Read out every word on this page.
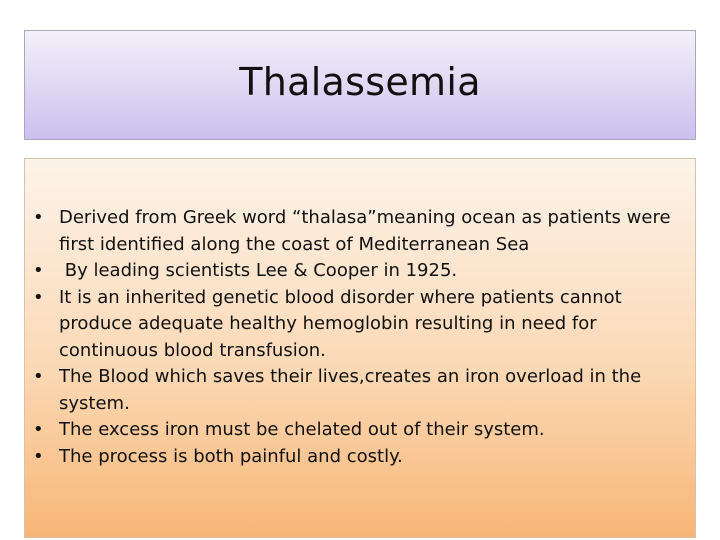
Thalassemia
• Derived from Greek word “thalasa”meaning ocean as patients were first identified along the coast of Mediterranean Sea
• By leading scientists Lee & Cooper in 1925.
• It is an inherited genetic blood disorder where patients cannot produce adequate healthy hemoglobin resulting in need for continuous blood transfusion.
• The Blood which saves their lives,creates an iron overload in the system.
• The excess iron must be chelated out of their system.
• The process is both painful and costly.
